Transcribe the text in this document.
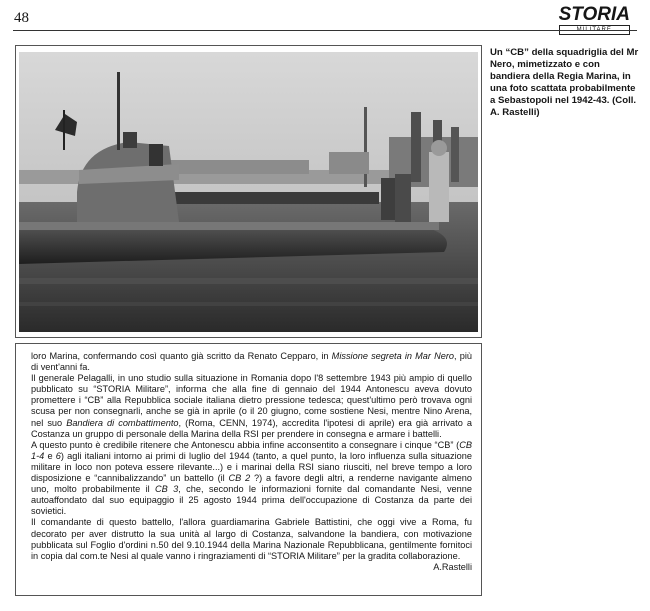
48	STORIA
Un “CB” della squadriglia del Mr Nero, mimetizzato e con bandiera della Regia Marina, in una foto scattata probabilmente a Sebastopoli nel 1942-43. (Coll. A. Rastelli)

loro Marina, confermando così quanto già scritto da Renato Cepparo, in Missione segreta in Mar Nero, più di vent'anni fa.

Il generale Pelagalli, in uno studio sulla situazione in Romania dopo l'8 settembre 1943 più ampio di quello pubblicato su “STORIA Militare”, informa che alla fine di gennaio del 1944 Antonescu aveva dovuto promettere i “CB” alla Repubblica sociale italiana dietro pressione tedesca; quest'ultimo però trovava ogni scusa per non consegnarli, anche se già in aprile (o il 20 giugno, come sostiene Nesi, mentre Nino Arena, nel suo Bandiera di combattimento, (Roma, CENN, 1974), accredita l'ipotesi di aprile) era già arrivato a Costanza un gruppo di personale della Marina della RSI per prendere in consegna e armare i battelli.

A questo punto è credibile ritenere che Antonescu abbia infine acconsentito a consegnare i cinque “CB” (CB 1-4 e 6) agli italiani intorno ai primi di luglio del 1944 (tanto, a quel punto, la loro influenza sulla situazione militare in loco non poteva essere rilevante...) e i marinai della RSI siano riusciti, nel breve tempo a loro disposizione e “cannibalizzando” un battello (il CB 2 ?) a favore degli altri, a renderne navigante almeno uno, molto probabilmente il CB 3, che, secondo le informazioni fornite dal comandante Nesi, venne autoaffondato dal suo equipaggio il 25 agosto 1944 prima dell'occupazione di Costanza da parte dei sovietici.

Il comandante di questo battello, l'allora guardiamarina Gabriele Battistini, che oggi vive a Roma, fu decorato per aver distrutto la sua unità al largo di Costanza, salvandone la bandiera, con motivazione pubblicata sul Foglio d'ordini n.50 del 9.10.1944 della Marina Nazionale Repubblicana, gentilmente fornitoci in copia dal com.te Nesi al quale vanno i ringraziamenti di “STORIA Militare” per la gradita collaborazione.

A.Rastelli
